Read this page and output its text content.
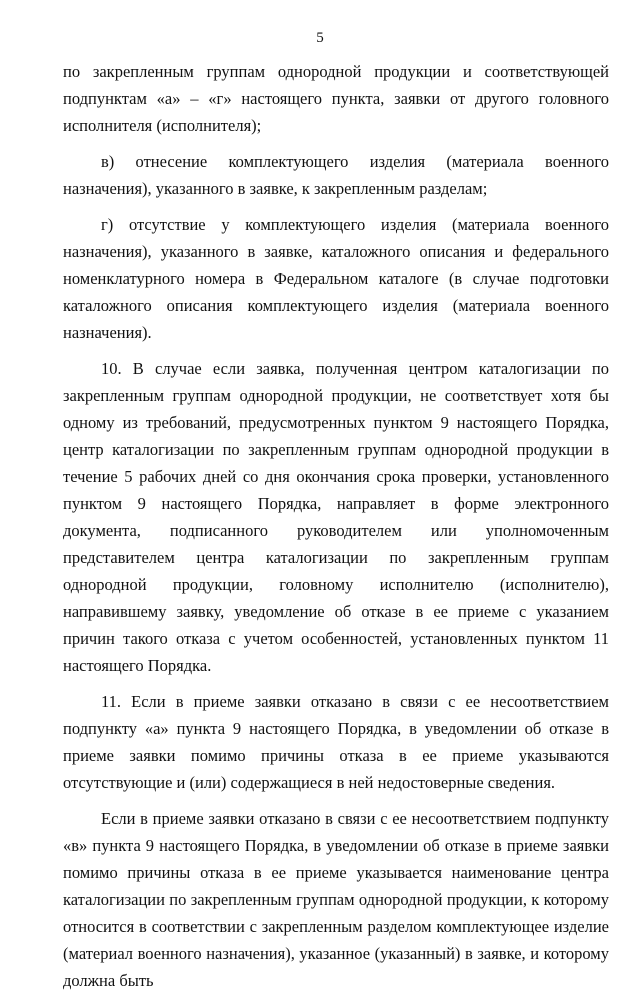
5

по закрепленным группам однородной продукции и соответствующей подпунктам «а» – «г» настоящего пункта, заявки от другого головного исполнителя (исполнителя);

в) отнесение комплектующего изделия (материала военного назначения), указанного в заявке, к закрепленным разделам;

г) отсутствие у комплектующего изделия (материала военного назначения), указанного в заявке, каталожного описания и федерального номенклатурного номера в Федеральном каталоге (в случае подготовки каталожного описания комплектующего изделия (материала военного назначения).

10. В случае если заявка, полученная центром каталогизации по закрепленным группам однородной продукции, не соответствует хотя бы одному из требований, предусмотренных пунктом 9 настоящего Порядка, центр каталогизации по закрепленным группам однородной продукции в течение 5 рабочих дней со дня окончания срока проверки, установленного пунктом 9 настоящего Порядка, направляет в форме электронного документа, подписанного руководителем или уполномоченным представителем центра каталогизации по закрепленным группам однородной продукции, головному исполнителю (исполнителю), направившему заявку, уведомление об отказе в ее приеме с указанием причин такого отказа с учетом особенностей, установленных пунктом 11 настоящего Порядка.

11. Если в приеме заявки отказано в связи с ее несоответствием подпункту «а» пункта 9 настоящего Порядка, в уведомлении об отказе в приеме заявки помимо причины отказа в ее приеме указываются отсутствующие и (или) содержащиеся в ней недостоверные сведения.

Если в приеме заявки отказано в связи с ее несоответствием подпункту «в» пункта 9 настоящего Порядка, в уведомлении об отказе в приеме заявки помимо причины отказа в ее приеме указывается наименование центра каталогизации по закрепленным группам однородной продукции, к которому относится в соответствии с закрепленным разделом комплектующее изделие (материал военного назначения), указанное (указанный) в заявке, и которому должна быть
